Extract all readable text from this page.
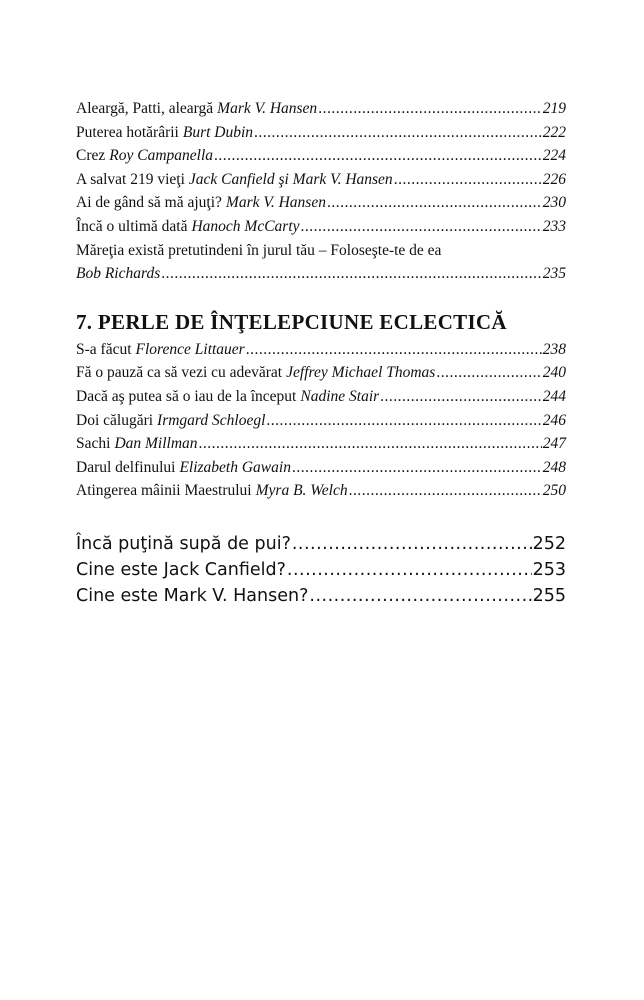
Aleargă, Patti, aleargă Mark V. Hansen .....	219
Puterea hotărârii Burt Dubin .....	222
Crez Roy Campanella .....	224
A salvat 219 vieţi Jack Canfield şi Mark V. Hansen .....	226
Ai de gând să mă ajuţi? Mark V. Hansen .....	230
Încă o ultimă dată Hanoch McCarty .....	233
Măreţia există pretutindeni în jurul tău – Foloseşte-te de ea
Bob Richards .....	235
7. PERLE DE ÎNŢELEPCIUNE ECLECTICĂ
S-a făcut Florence Littauer .....	238
Fă o pauză ca să vezi cu adevărat Jeffrey Michael Thomas .....	240
Dacă aş putea să o iau de la început Nadine Stair .....	244
Doi călugări Irmgard Schloegl .....	246
Sachi Dan Millman .....	247
Darul delfinului Elizabeth Gawain .....	248
Atingerea mâinii Maestrului Myra B. Welch .....	250
Încă puţină supă de pui? .....	252
Cine este Jack Canfield? .....	253
Cine este Mark V. Hansen? .....	255
